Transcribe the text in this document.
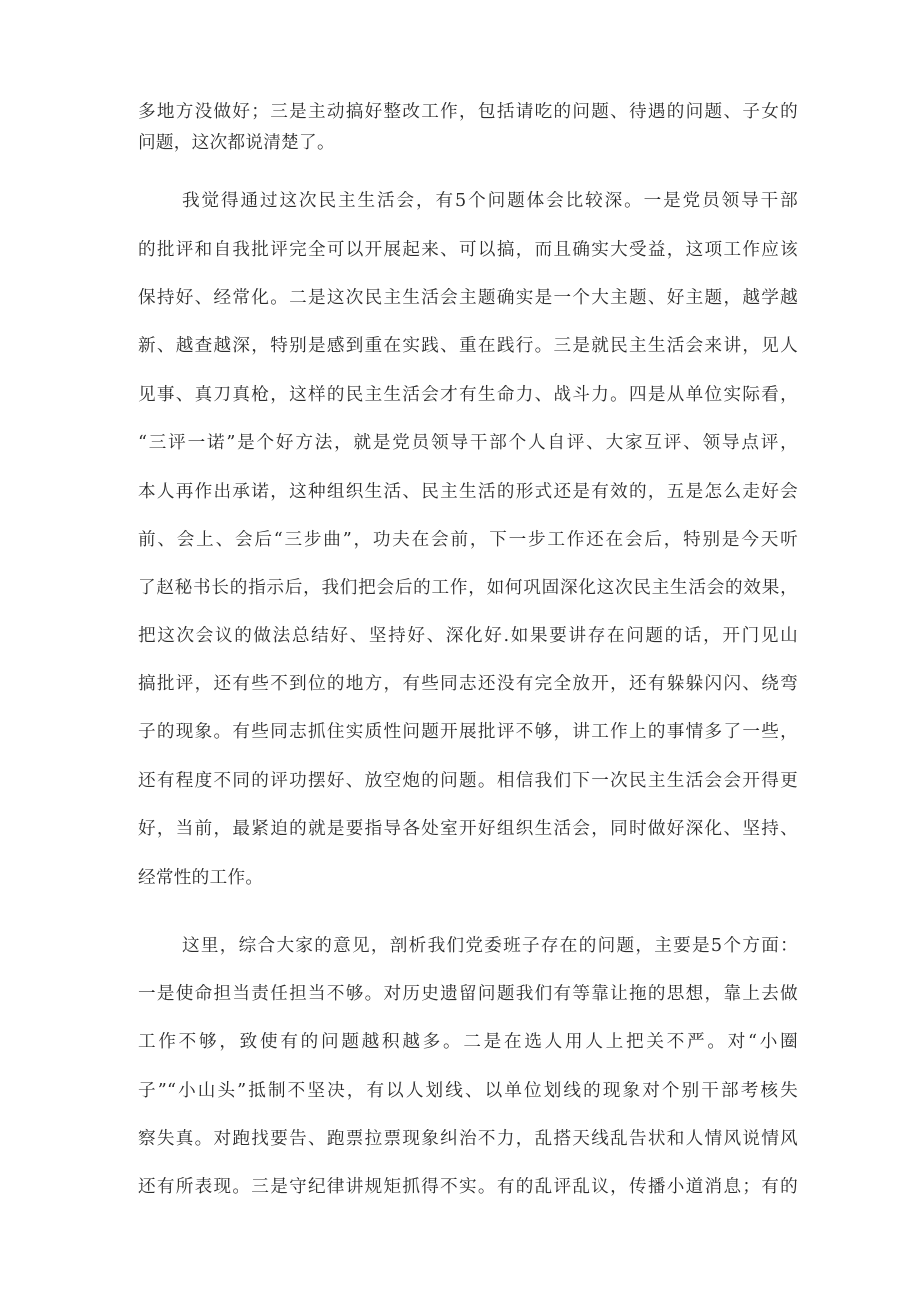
多地方没做好；三是主动搞好整改工作，包括请吃的问题、待遇的问题、子女的
问题，这次都说清楚了。
我觉得通过这次民主生活会，有5个问题体会比较深。一是党员领导干部
的批评和自我批评完全可以开展起来、可以搞，而且确实大受益，这项工作应该
保持好、经常化。二是这次民主生活会主题确实是一个大主题、好主题，越学越
新、越查越深，特别是感到重在实践、重在践行。三是就民主生活会来讲，见人
见事、真刀真枪，这样的民主生活会才有生命力、战斗力。四是从单位实际看，
“三评一诺”是个好方法，就是党员领导干部个人自评、大家互评、领导点评，
本人再作出承诺，这种组织生活、民主生活的形式还是有效的，五是怎么走好会
前、会上、会后“三步曲”，功夫在会前，下一步工作还在会后，特别是今天听
了赵秘书长的指示后，我们把会后的工作，如何巩固深化这次民主生活会的效果，
把这次会议的做法总结好、坚持好、深化好.如果要讲存在问题的话，开门见山
搞批评，还有些不到位的地方，有些同志还没有完全放开，还有躲躲闪闪、绕弯
子的现象。有些同志抓住实质性问题开展批评不够，讲工作上的事情多了一些，
还有程度不同的评功摆好、放空炮的问题。相信我们下一次民主生活会会开得更
好，当前，最紧迫的就是要指导各处室开好组织生活会，同时做好深化、坚持、
经常性的工作。
这里，综合大家的意见，剖析我们党委班子存在的问题，主要是5个方面：
一是使命担当责任担当不够。对历史遗留问题我们有等靠让拖的思想，靠上去做
工作不够，致使有的问题越积越多。二是在选人用人上把关不严。对“小圈
子”“小山头”抵制不坚决，有以人划线、以单位划线的现象对个别干部考核失
察失真。对跑找要告、跑票拉票现象纠治不力，乱搭天线乱告状和人情风说情风
还有所表现。三是守纪律讲规矩抓得不实。有的乱评乱议，传播小道消息；有的
